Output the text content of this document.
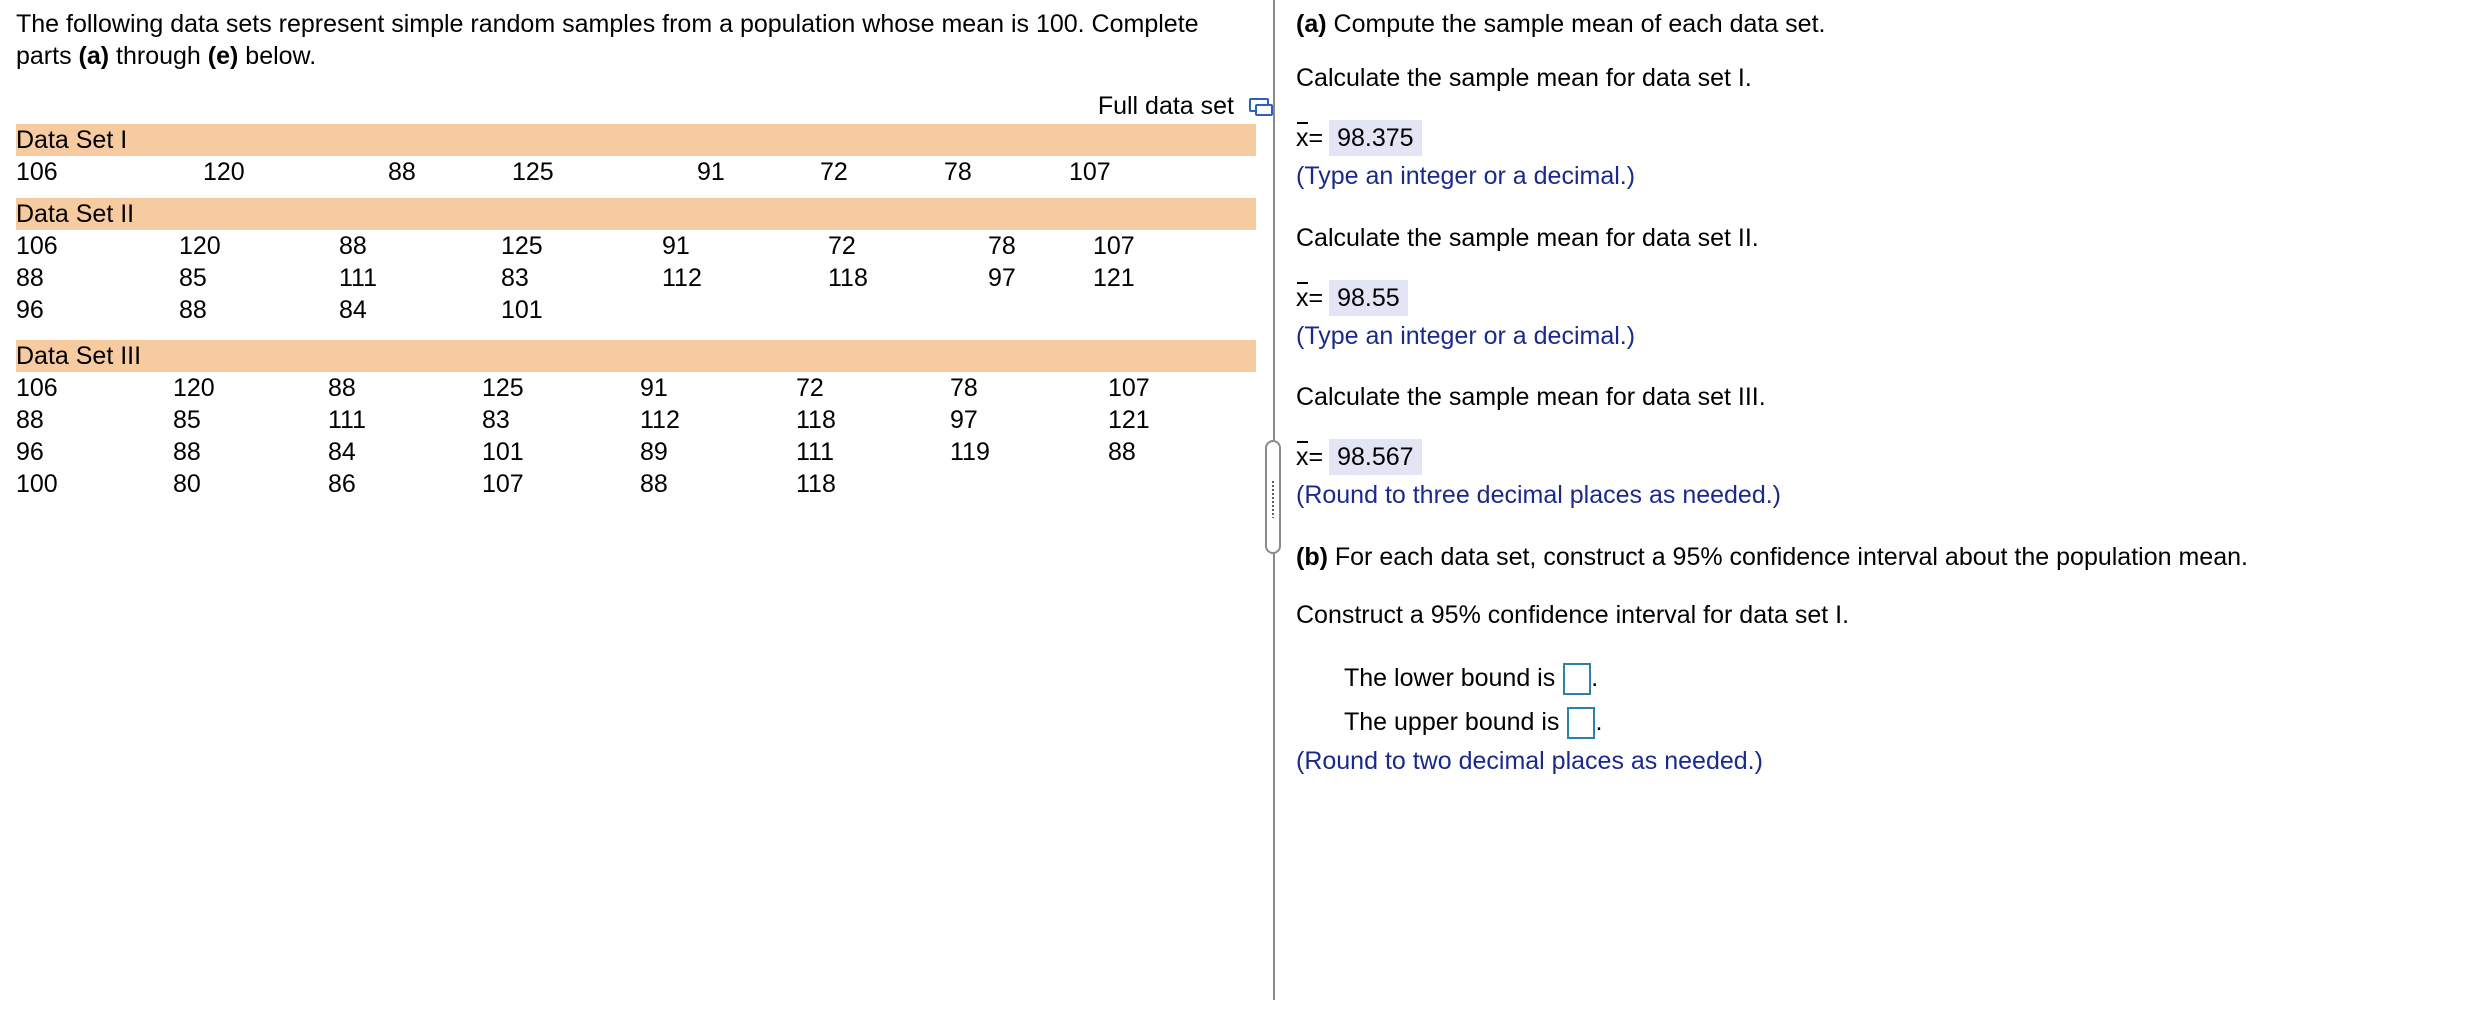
The following data sets represent simple random samples from a population whose mean is 100. Complete parts (a) through (e) below.
Full data set
Data Set I
106	120	88	125	91	72	78	107
Data Set II
106	120	88	125	91	72	78	107
88	85	111	83	112	118	97	121
96	88	84	101
Data Set III
106	120	88	125	91	72	78	107
88	85	111	83	112	118	97	121
96	88	84	101	89	111	119	88
100	80	86	107	88	118
(a) Compute the sample mean of each data set.
Calculate the sample mean for data set I.
x= 98.375
(Type an integer or a decimal.)
Calculate the sample mean for data set II.
x= 98.55
(Type an integer or a decimal.)
Calculate the sample mean for data set III.
x= 98.567
(Round to three decimal places as needed.)
(b) For each data set, construct a 95% confidence interval about the population mean.
Construct a 95% confidence interval for data set I.
The lower bound is .
The upper bound is .
(Round to two decimal places as needed.)
